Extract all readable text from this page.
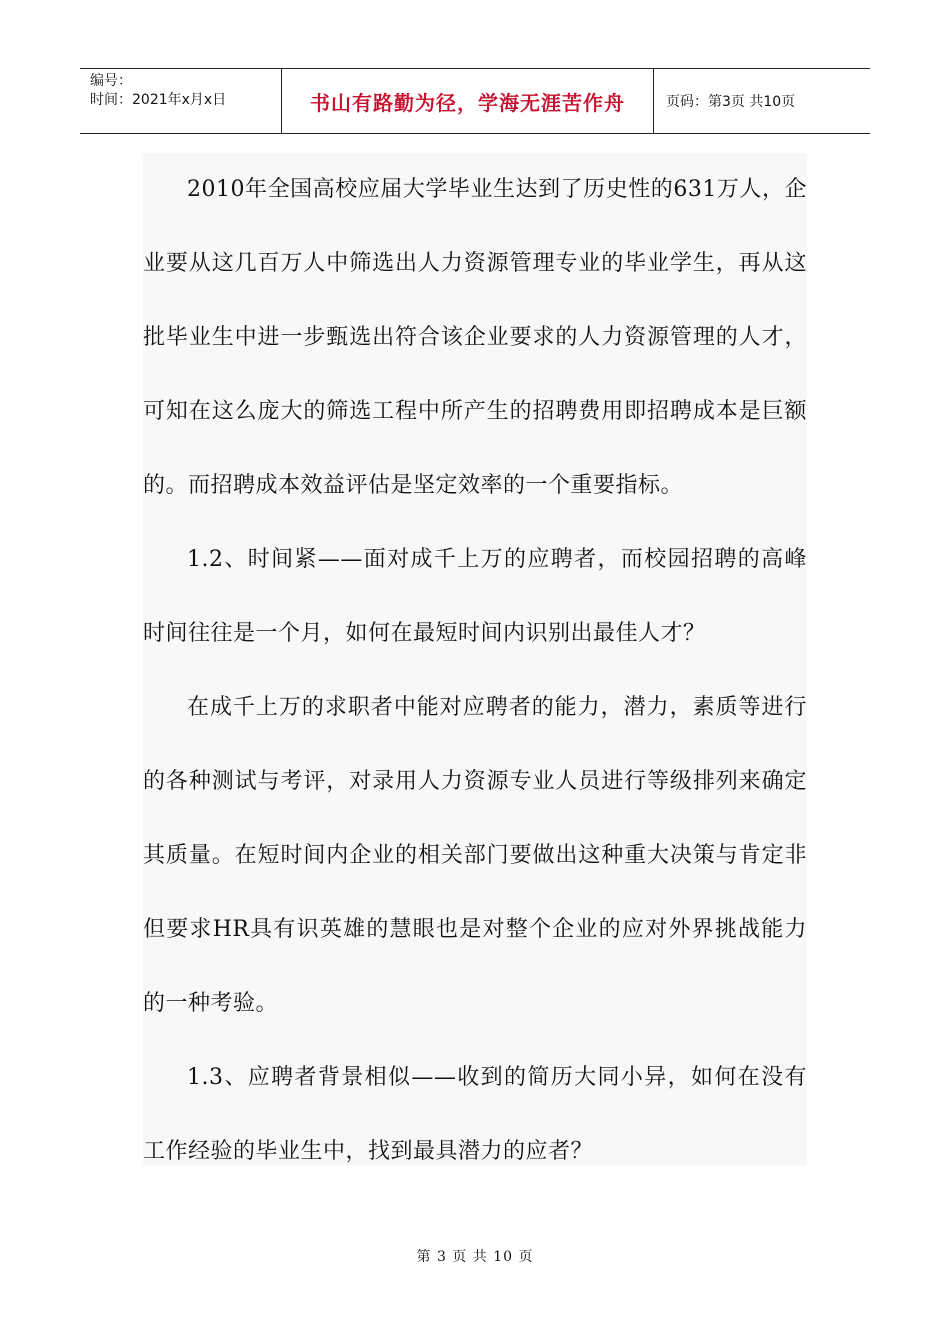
编号：
时间：2021年x月x日	书山有路勤为径，学海无涯苦作舟	页码：第3页 共10页

2010年全国高校应届大学毕业生达到了历史性的631万人，企业要从这几百万人中筛选出人力资源管理专业的毕业学生，再从这批毕业生中进一步甄选出符合该企业要求的人力资源管理的人才，可知在这么庞大的筛选工程中所产生的招聘费用即招聘成本是巨额的。而招聘成本效益评估是坚定效率的一个重要指标。

1.2、时间紧——面对成千上万的应聘者，而校园招聘的高峰时间往往是一个月，如何在最短时间内识别出最佳人才？

在成千上万的求职者中能对应聘者的能力，潜力，素质等进行的各种测试与考评，对录用人力资源专业人员进行等级排列来确定其质量。在短时间内企业的相关部门要做出这种重大决策与肯定非但要求HR具有识英雄的慧眼也是对整个企业的应对外界挑战能力的一种考验。

1.3、应聘者背景相似——收到的简历大同小异，如何在没有工作经验的毕业生中，找到最具潜力的应者？

第 3 页 共 10 页
